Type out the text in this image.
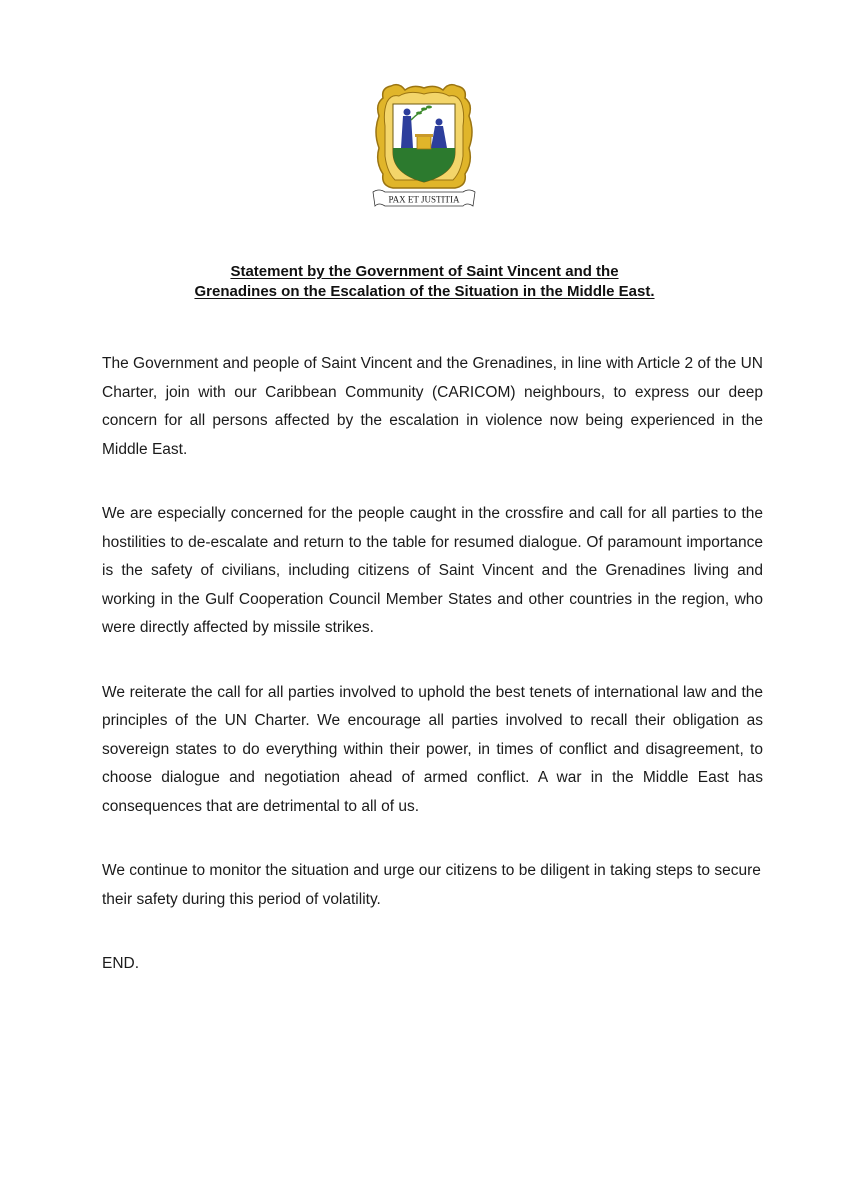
PAX ET JUSTITIA
Statement by the Government of Saint Vincent and the
Grenadines on the Escalation of the Situation in the Middle East.

The Government and people of Saint Vincent and the Grenadines, in line with Article 2 of the UN Charter, join with our Caribbean Community (CARICOM) neighbours, to express our deep concern for all persons affected by the escalation in violence now being experienced in the Middle East.

We are especially concerned for the people caught in the crossfire and call for all parties to the hostilities to de-escalate and return to the table for resumed dialogue. Of paramount importance is the safety of civilians, including citizens of Saint Vincent and the Grenadines living and working in the Gulf Cooperation Council Member States and other countries in the region, who were directly affected by missile strikes.

We reiterate the call for all parties involved to uphold the best tenets of international law and the principles of the UN Charter. We encourage all parties involved to recall their obligation as sovereign states to do everything within their power, in times of conflict and disagreement, to choose dialogue and negotiation ahead of armed conflict. A war in the Middle East has consequences that are detrimental to all of us.

We continue to monitor the situation and urge our citizens to be diligent in taking steps to secure their safety during this period of volatility.

END.
